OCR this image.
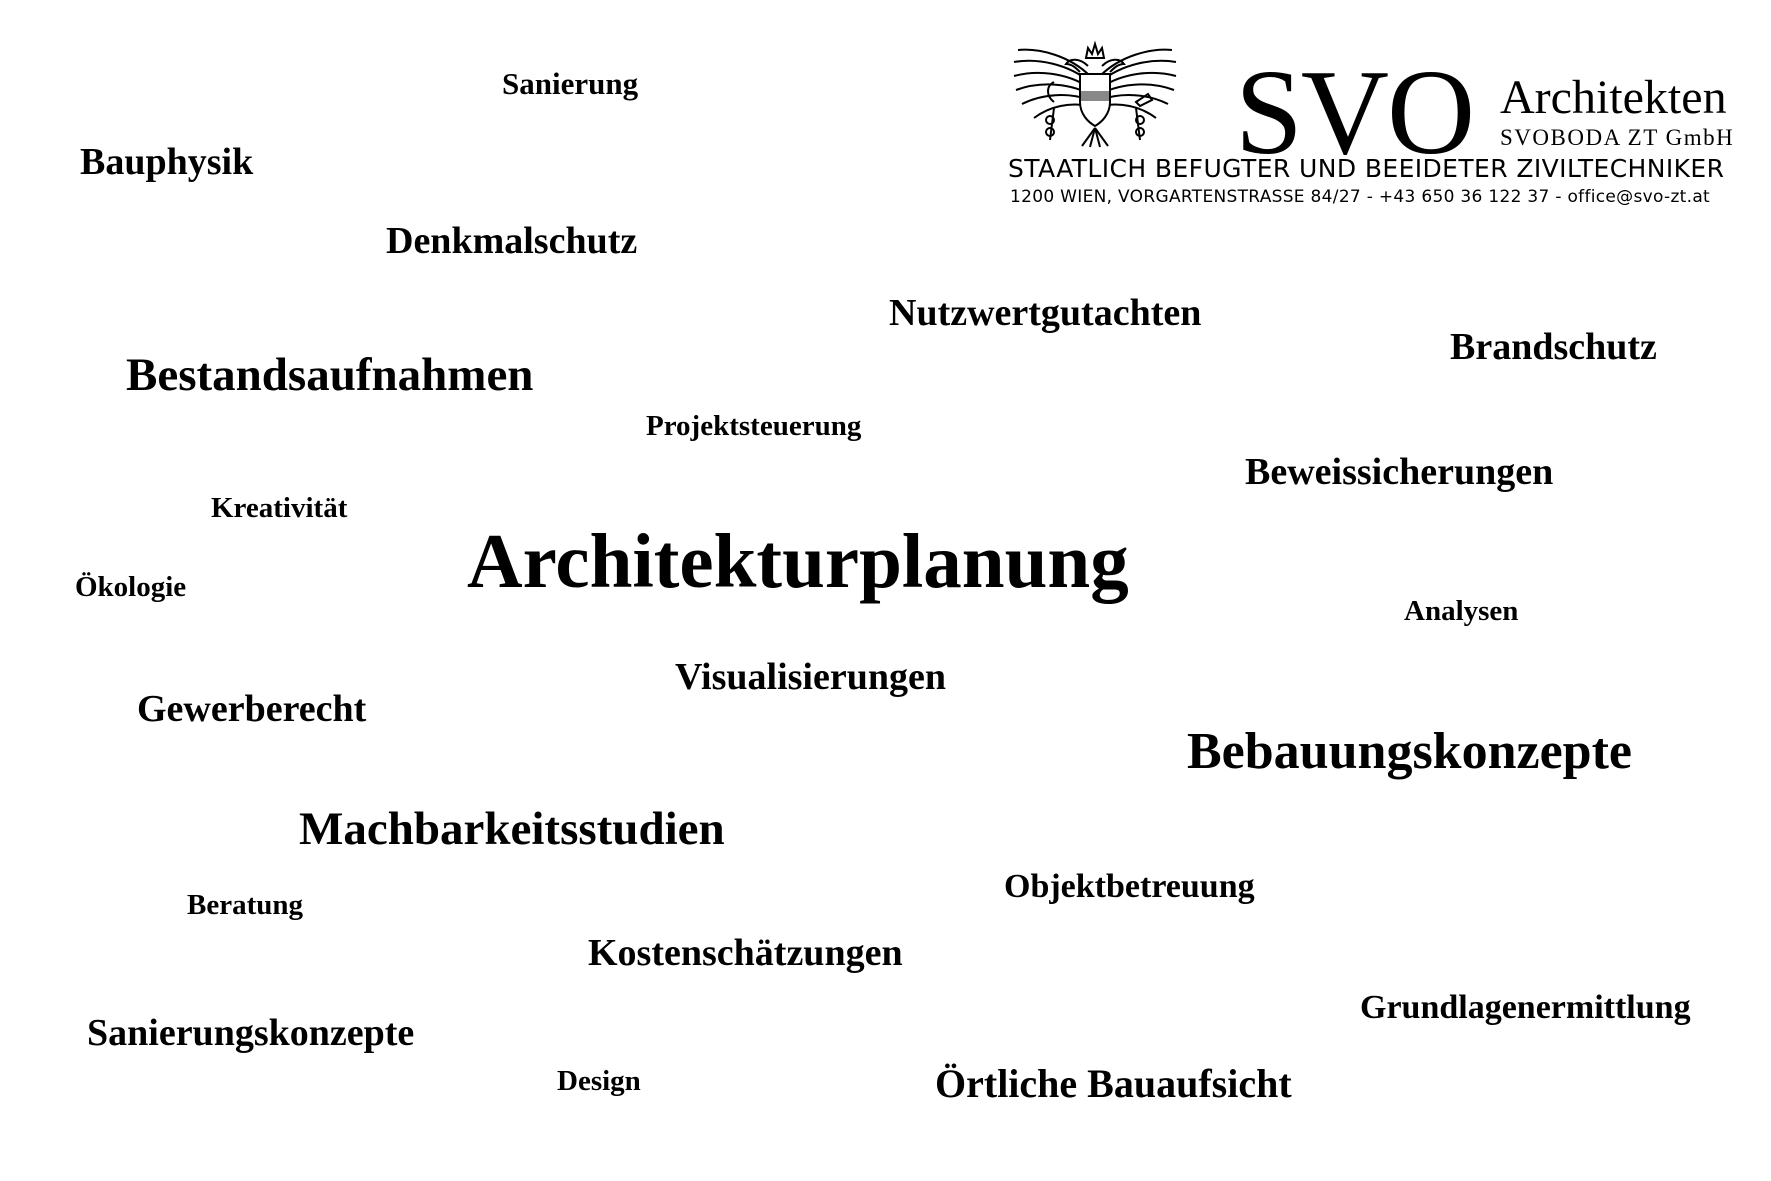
SVO Architekten
SVOBODA ZT GmbH
STAATLICH BEFUGTER UND BEEIDETER ZIVILTECHNIKER
1200 WIEN, VORGARTENSTRASSE 84/27 - +43 650 36 122 37 - office@svo-zt.at
Sanierung
Bauphysik
Denkmalschutz
Nutzwertgutachten
Brandschutz
Bestandsaufnahmen
Projektsteuerung
Beweissicherungen
Kreativität
Architekturplanung
Ökologie
Analysen
Visualisierungen
Gewerberecht
Bebauungskonzepte
Machbarkeitsstudien
Beratung	Objektbetreuung
Kostenschätzungen
Grundlagenermittlung
Sanierungskonzepte
Design	Örtliche Bauaufsicht
